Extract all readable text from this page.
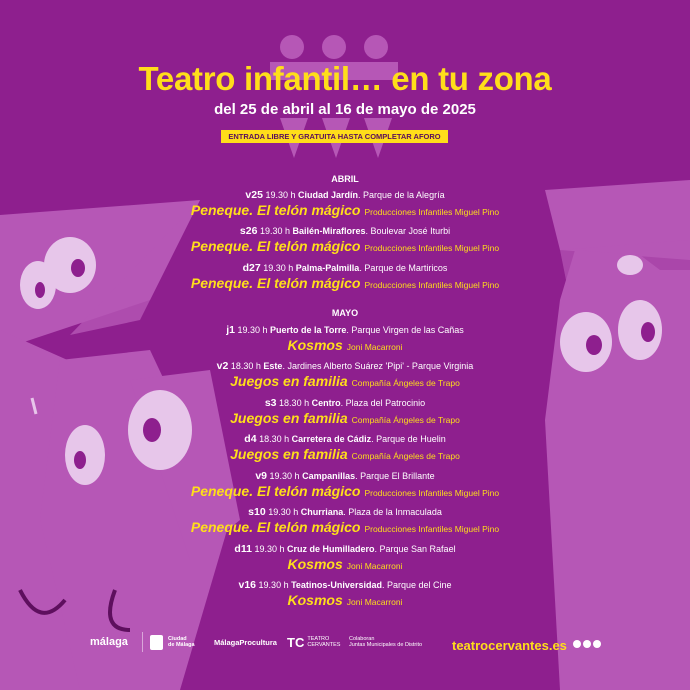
Teatro infantil… en tu zona
del 25 de abril al 16 de mayo de 2025
ENTRADA LIBRE Y GRATUITA HASTA COMPLETAR AFORO
ABRIL
MAYO
v25 19.30 h Ciudad Jardín. Parque de la Alegría
Peneque. El telón mágico Producciones Infantiles Miguel Pino
s26 19.30 h Bailén-Miraflores. Boulevar José Iturbi
Peneque. El telón mágico Producciones Infantiles Miguel Pino
d27 19.30 h Palma-Palmilla. Parque de Martiricos
Peneque. El telón mágico Producciones Infantiles Miguel Pino
j1 19.30 h Puerto de la Torre. Parque Virgen de las Cañas
Kosmos Joni Macarroni
v2 18.30 h Este. Jardines Alberto Suárez 'Pipi' - Parque Virginia
Juegos en familia Compañía Ángeles de Trapo
s3 18.30 h Centro. Plaza del Patrocinio
Juegos en familia Compañía Ángeles de Trapo
d4 18.30 h Carretera de Cádiz. Parque de Huelin
Juegos en familia Compañía Ángeles de Trapo
v9 19.30 h Campanillas. Parque El Brillante
Peneque. El telón mágico Producciones Infantiles Miguel Pino
s10 19.30 h Churriana. Plaza de la Inmaculada
Peneque. El telón mágico Producciones Infantiles Miguel Pino
d11 19.30 h Cruz de Humilladero. Parque San Rafael
Kosmos Joni Macarroni
v16 19.30 h Teatinos-Universidad. Parque del Cine
Kosmos Joni Macarroni
málaga	Ciudad
de Málaga	MálagaProcultura TC TEATRO
CERVANTES
Colaboran
Juntas Municipales de Distrito teatrocervantes.es
